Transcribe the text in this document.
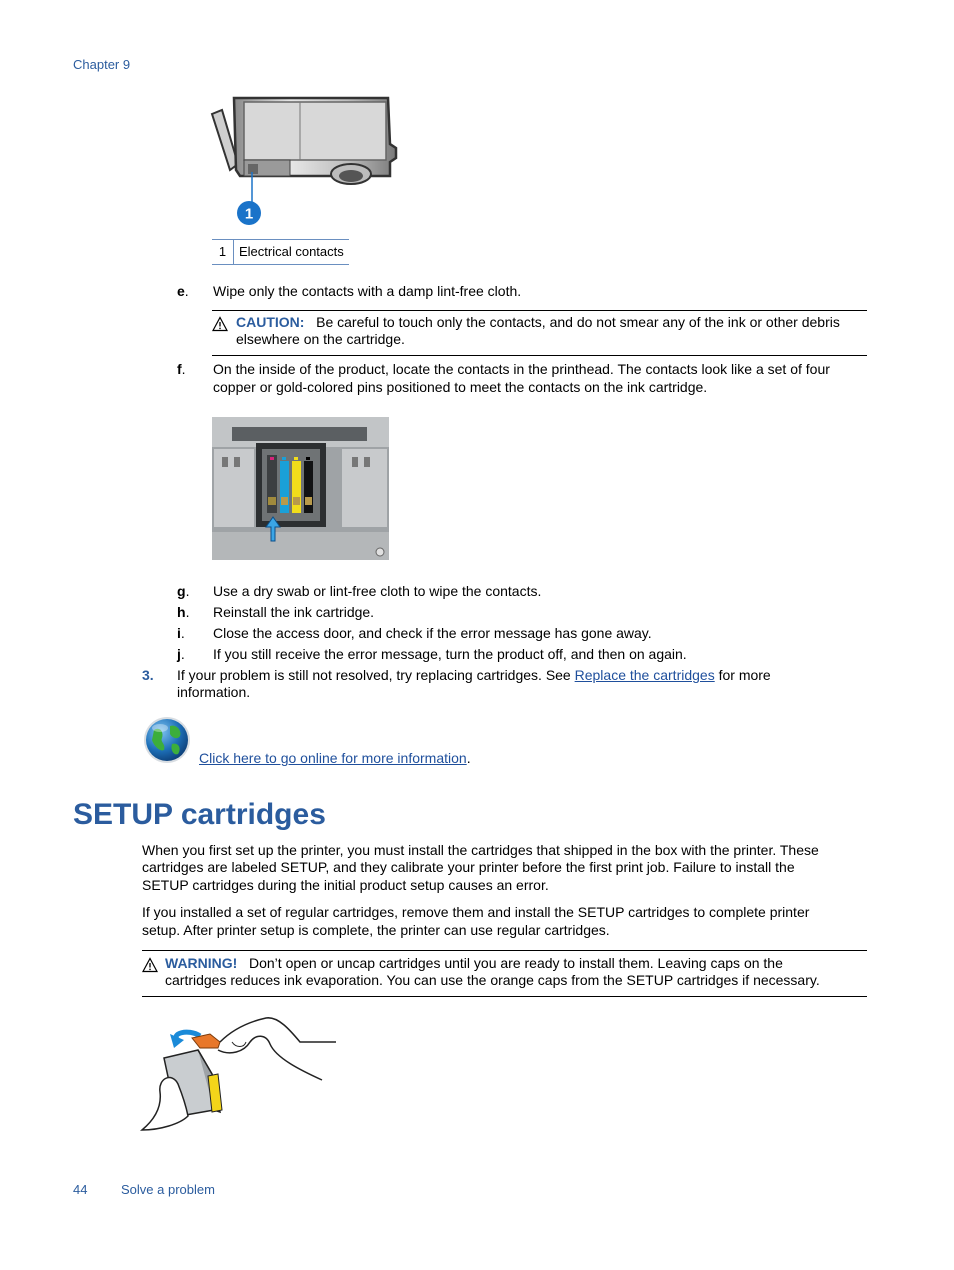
Chapter 9
1
1 Electrical contacts
e. Wipe only the contacts with a damp lint-free cloth.
CAUTION: Be careful to touch only the contacts, and do not smear any of the ink or other debris
elsewhere on the cartridge.
f. On the inside of the product, locate the contacts in the printhead. The contacts look like a set of four
copper or gold-colored pins positioned to meet the contacts on the ink cartridge.
g. Use a dry swab or lint-free cloth to wipe the contacts.
h. Reinstall the ink cartridge.
i. Close the access door, and check if the error message has gone away.
j. If you still receive the error message, turn the product off, and then on again.
3. If your problem is still not resolved, try replacing cartridges. See Replace the cartridges for more
information.
Click here to go online for more information.
SETUP cartridges
When you first set up the printer, you must install the cartridges that shipped in the box with the printer. These
cartridges are labeled SETUP, and they calibrate your printer before the first print job. Failure to install the
SETUP cartridges during the initial product setup causes an error.
If you installed a set of regular cartridges, remove them and install the SETUP cartridges to complete printer
setup. After printer setup is complete, the printer can use regular cartridges.
WARNING! Don’t open or uncap cartridges until you are ready to install them. Leaving caps on the
cartridges reduces ink evaporation. You can use the orange caps from the SETUP cartridges if necessary.
44	Solve a problem
